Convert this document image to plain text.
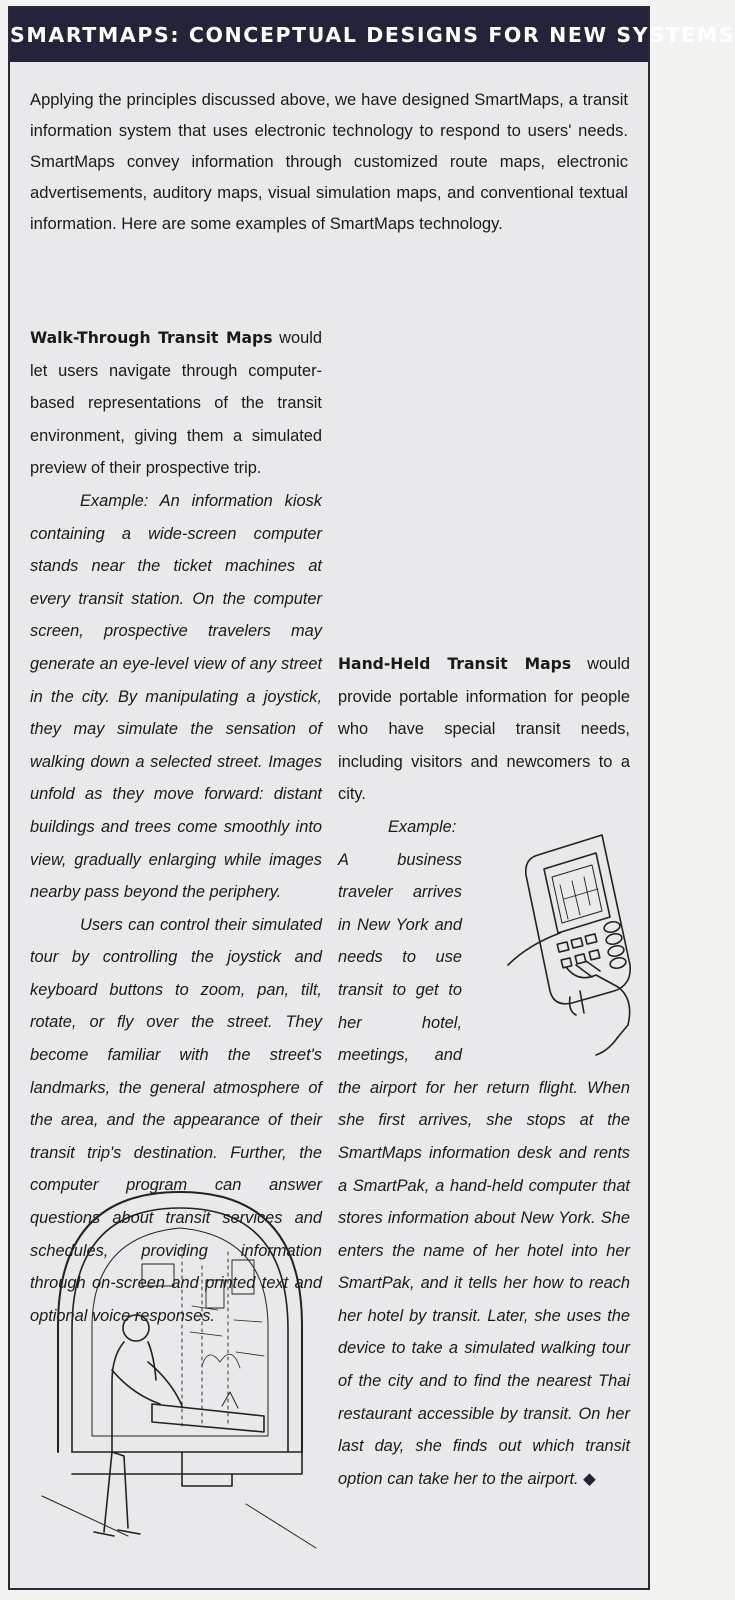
SMARTMAPS: CONCEPTUAL DESIGNS FOR NEW SYSTEMS

Applying the principles discussed above, we have designed SmartMaps, a transit information system that uses electronic technology to respond to users' needs. SmartMaps convey information through customized route maps, electronic advertisements, auditory maps, visual simulation maps, and conventional textual information. Here are some examples of SmartMaps technology.

Walk-Through Transit Maps would let users navigate through computer-based representations of the transit environment, giving them a simulated preview of their prospective trip.

Example: An information kiosk containing a wide-screen computer stands near the ticket machines at every transit station. On the computer screen, prospective travelers may generate an eye-level view of any street in the city. By manipulating a joystick, they may simulate the sensation of walking down a selected street. Images unfold as they move forward: distant buildings and trees come smoothly into view, gradually enlarging while images nearby pass beyond the periphery.

Users can control their simulated tour by controlling the joystick and keyboard buttons to zoom, pan, tilt, rotate, or fly over the street. They become familiar with the street's landmarks, the general atmosphere of the area, and the appearance of their transit trip's destination. Further, the computer program can answer questions about transit services and schedules, providing information through on-screen and printed text and optional voice responses.

Hand-Held Transit Maps would provide portable information for people who have special transit needs, including visitors and newcomers to a city.

Example: A business traveler arrives in New York and needs to use transit to get to her hotel, meetings, and the airport for her return flight. When she first arrives, she stops at the SmartMaps information desk and rents a SmartPak, a hand-held computer that stores information about New York. She enters the name of her hotel into her SmartPak, and it tells her how to reach her hotel by transit. Later, she uses the device to take a simulated walking tour of the city and to find the nearest Thai restaurant accessible by transit. On her last day, she finds out which transit option can take her to the airport. ◆
